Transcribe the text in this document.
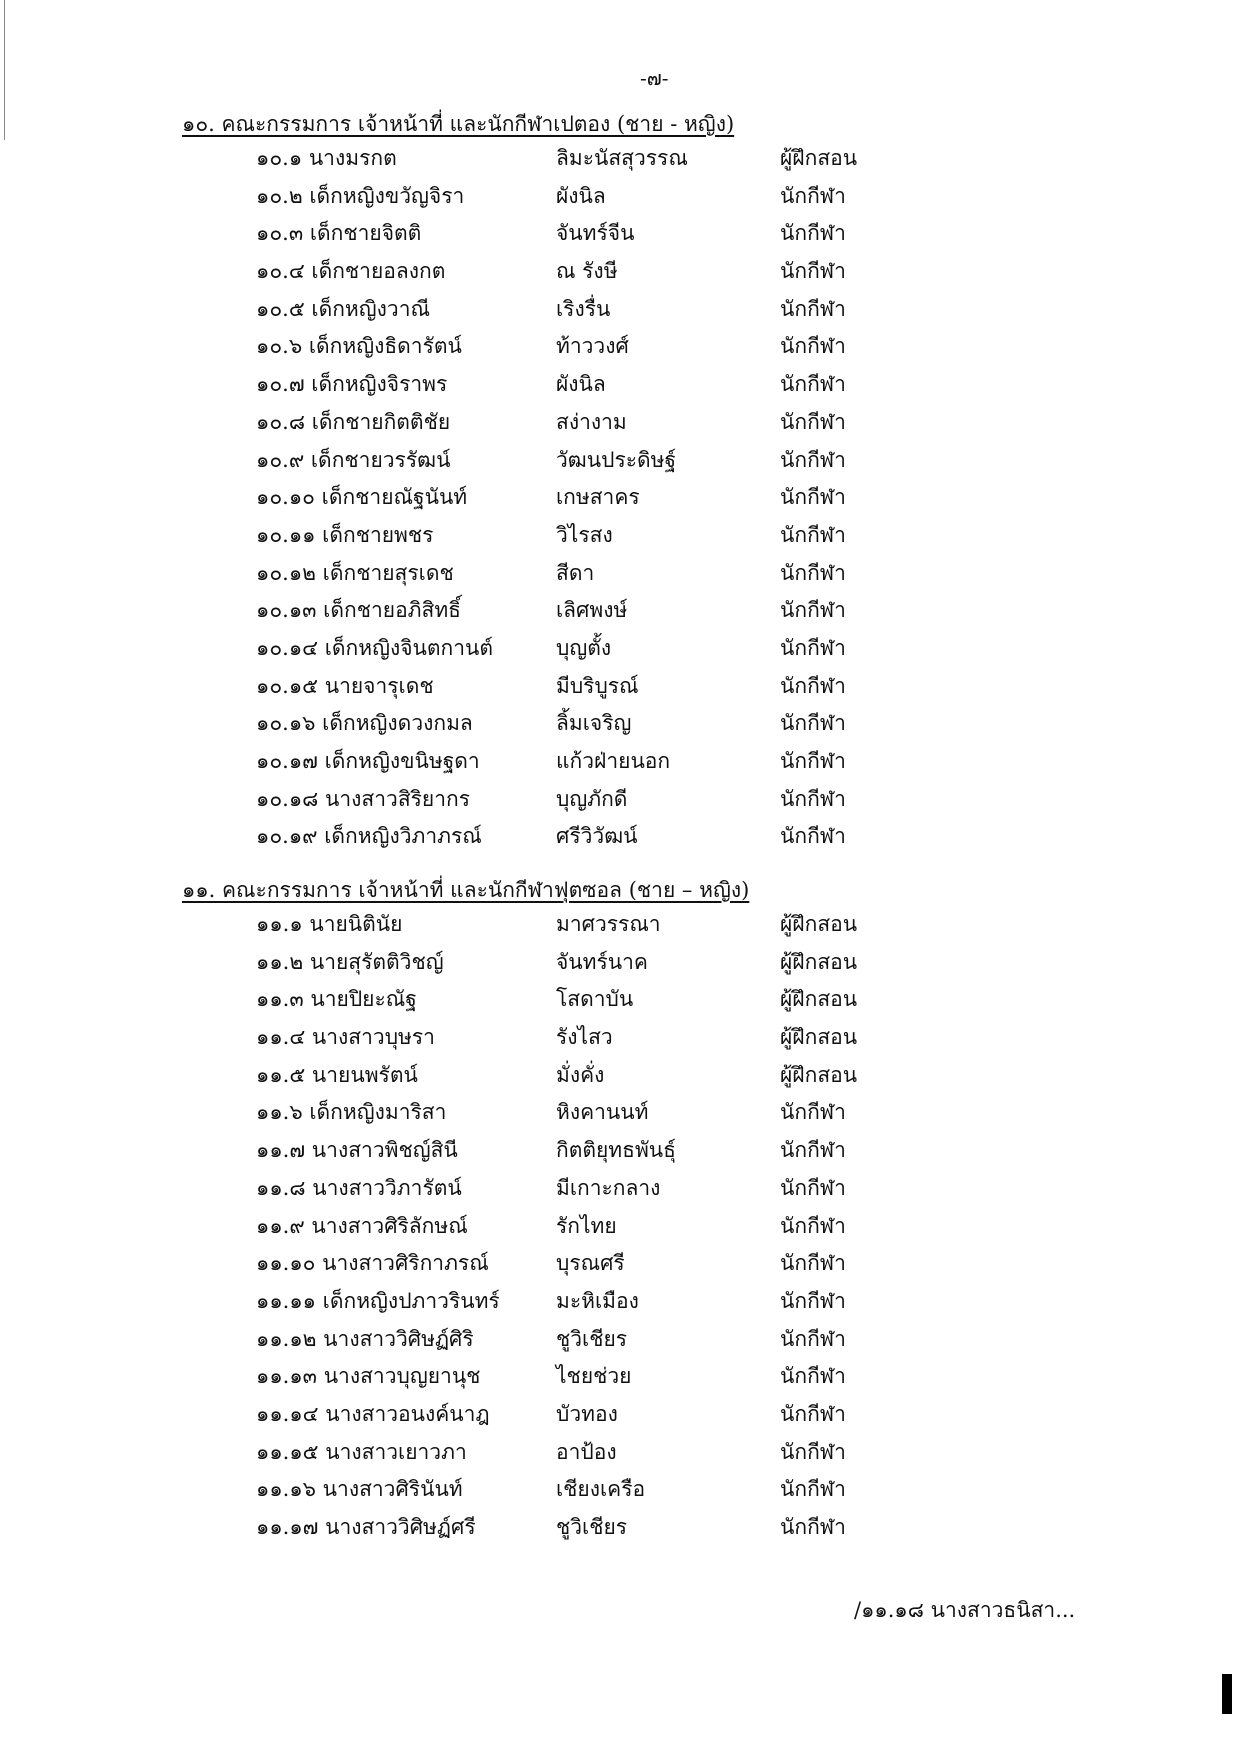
-๗-
๑๐. คณะกรรมการ เจ้าหน้าที่ และนักกีฬาเปตอง (ชาย - หญิง)
๑๐.๑ นางมรกต	ลิมะนัสสุวรรณ	ผู้ฝึกสอน
๑๐.๒ เด็กหญิงขวัญจิรา	ผังนิล	นักกีฬา
๑๐.๓ เด็กชายจิตติ	จันทร์จีน	นักกีฬา
๑๐.๔ เด็กชายอลงกต	ณ รังษี	นักกีฬา
๑๐.๕ เด็กหญิงวาณี	เริงรื่น	นักกีฬา
๑๐.๖ เด็กหญิงธิดารัตน์	ท้าววงศ์	นักกีฬา
๑๐.๗ เด็กหญิงจิราพร	ผังนิล	นักกีฬา
๑๐.๘ เด็กชายกิตติชัย	สง่างาม	นักกีฬา
๑๐.๙ เด็กชายวรรัฒน์	วัฒนประดิษฐ์	นักกีฬา
๑๐.๑๐ เด็กชายณัฐนันท์	เกษสาคร	นักกีฬา
๑๐.๑๑ เด็กชายพชร	วิไรสง	นักกีฬา
๑๐.๑๒ เด็กชายสุรเดช	สีดา	นักกีฬา
๑๐.๑๓ เด็กชายอภิสิทธิ์	เลิศพงษ์	นักกีฬา
๑๐.๑๔ เด็กหญิงจินตกานต์	บุญตั้ง	นักกีฬา
๑๐.๑๕ นายจารุเดช	มีบริบูรณ์	นักกีฬา
๑๐.๑๖ เด็กหญิงดวงกมล	ลิ้มเจริญ	นักกีฬา
๑๐.๑๗ เด็กหญิงขนิษฐดา	แก้วฝ่ายนอก	นักกีฬา
๑๐.๑๘ นางสาวสิริยากร	บุญภักดี	นักกีฬา
๑๐.๑๙ เด็กหญิงวิภาภรณ์	ศรีวิวัฒน์	นักกีฬา
๑๑. คณะกรรมการ เจ้าหน้าที่ และนักกีฬาฟุตซอล (ชาย – หญิง)
๑๑.๑ นายนิตินัย	มาศวรรณา	ผู้ฝึกสอน
๑๑.๒ นายสุรัตติวิชญ์	จันทร์นาค	ผู้ฝึกสอน
๑๑.๓ นายปิยะณัฐ	โสดาบัน	ผู้ฝึกสอน
๑๑.๔ นางสาวบุษรา	รังไสว	ผู้ฝึกสอน
๑๑.๕ นายนพรัตน์	มั่งคั่ง	ผู้ฝึกสอน
๑๑.๖ เด็กหญิงมาริสา	หิงคานนท์	นักกีฬา
๑๑.๗ นางสาวพิชญ์สินี	กิตติยุทธพันธุ์	นักกีฬา
๑๑.๘ นางสาววิภารัตน์	มีเกาะกลาง	นักกีฬา
๑๑.๙ นางสาวศิริลักษณ์	รักไทย	นักกีฬา
๑๑.๑๐ นางสาวศิริกาภรณ์	บุรณศรี	นักกีฬา
๑๑.๑๑ เด็กหญิงปภาวรินทร์	มะหิเมือง	นักกีฬา
๑๑.๑๒ นางสาววิศิษฏ์ศิริ	ชูวิเชียร	นักกีฬา
๑๑.๑๓ นางสาวบุญยานุช	ไชยช่วย	นักกีฬา
๑๑.๑๔ นางสาวอนงค์นาฎ	บัวทอง	นักกีฬา
๑๑.๑๕ นางสาวเยาวภา	อาป้อง	นักกีฬา
๑๑.๑๖ นางสาวศิรินันท์	เชียงเครือ	นักกีฬา
๑๑.๑๗ นางสาววิศิษฏ์ศรี	ชูวิเชียร	นักกีฬา
/๑๑.๑๘ นางสาวธนิสา...
